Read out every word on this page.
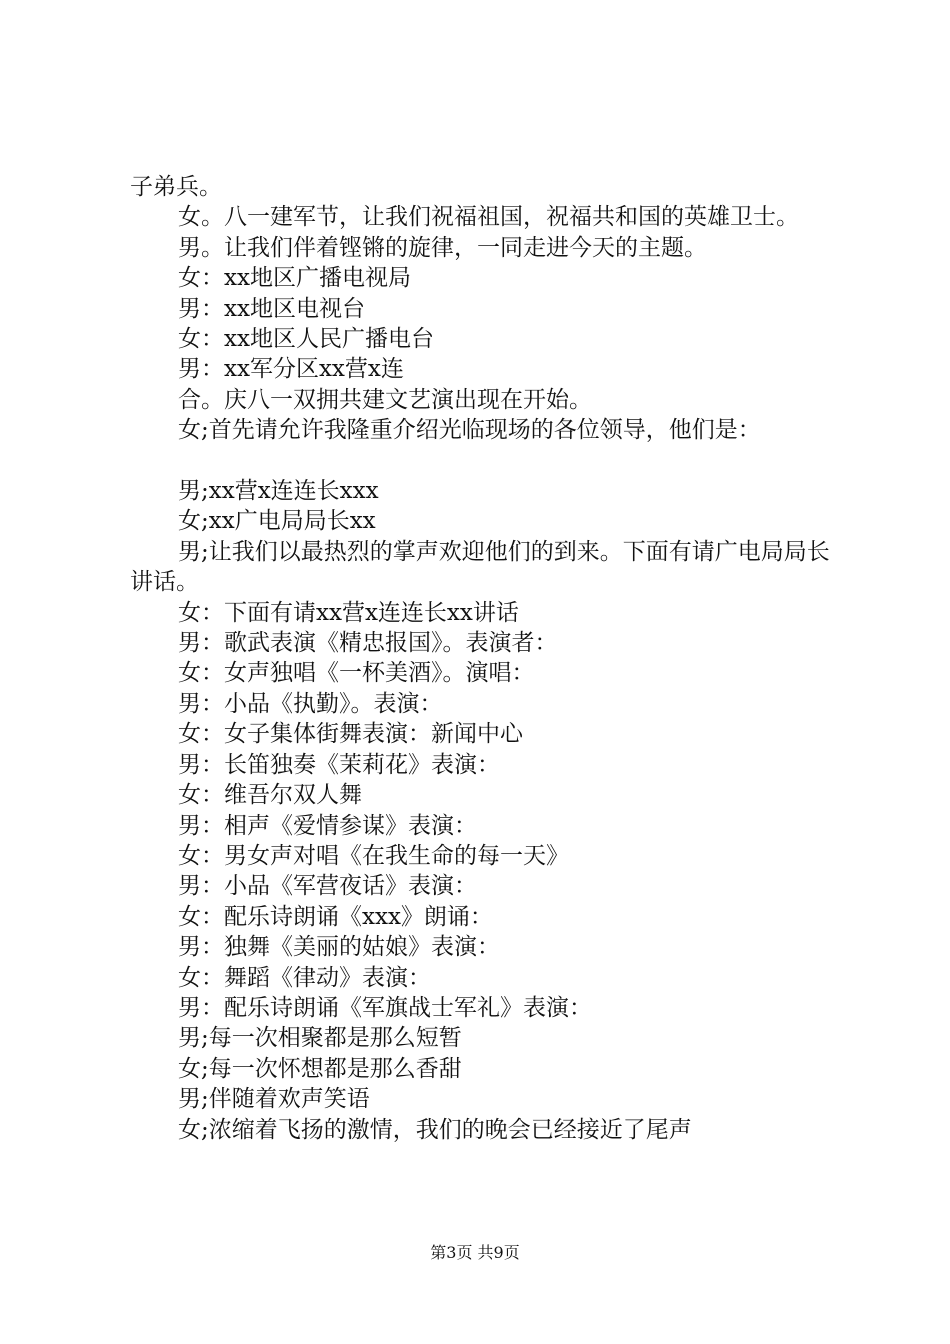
子弟兵。

女。八一建军节，让我们祝福祖国，祝福共和国的英雄卫士。

男。让我们伴着铿锵的旋律，一同走进今天的主题。

女：xx地区广播电视局

男：xx地区电视台

女：xx地区人民广播电台

男：xx军分区xx营x连

合。庆八一双拥共建文艺演出现在开始。

女;首先请允许我隆重介绍光临现场的各位领导，他们是：

男;xx营x连连长xxx

女;xx广电局局长xx

男;让我们以最热烈的掌声欢迎他们的到来。下面有请广电局局长讲话。

女：下面有请xx营x连连长xx讲话

男：歌武表演《精忠报国》。表演者：

女：女声独唱《一杯美酒》。演唱：

男：小品《执勤》。表演：

女：女子集体街舞表演：新闻中心

男：长笛独奏《茉莉花》表演：

女：维吾尔双人舞

男：相声《爱情参谋》表演：

女：男女声对唱《在我生命的每一天》

男：小品《军营夜话》表演：

女：配乐诗朗诵《xxx》朗诵：

男：独舞《美丽的姑娘》表演：

女：舞蹈《律动》表演：

男：配乐诗朗诵《军旗战士军礼》表演：

男;每一次相聚都是那么短暂

女;每一次怀想都是那么香甜

男;伴随着欢声笑语

女;浓缩着飞扬的激情，我们的晚会已经接近了尾声

第3页 共9页
